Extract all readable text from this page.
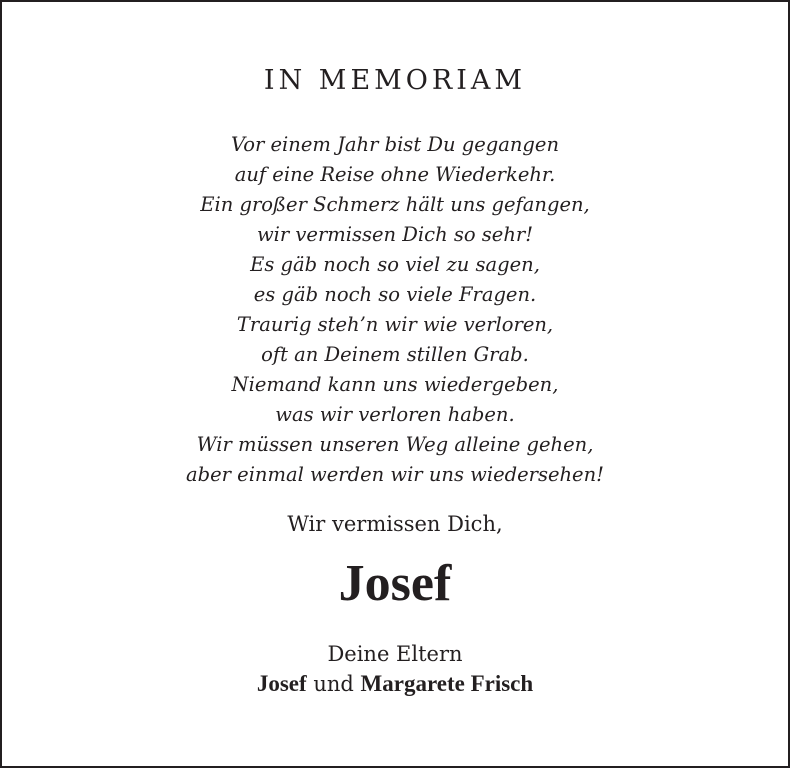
IN MEMORIAM
Vor einem Jahr bist Du gegangen
auf eine Reise ohne Wiederkehr.
Ein großer Schmerz hält uns gefangen,
wir vermissen Dich so sehr!
Es gäb noch so viel zu sagen,
es gäb noch so viele Fragen.
Traurig steh’n wir wie verloren,
oft an Deinem stillen Grab.
Niemand kann uns wiedergeben,
was wir verloren haben.
Wir müssen unseren Weg alleine gehen,
aber einmal werden wir uns wiedersehen!
Wir vermissen Dich,
Josef
Deine Eltern
Josef und Margarete Frisch
